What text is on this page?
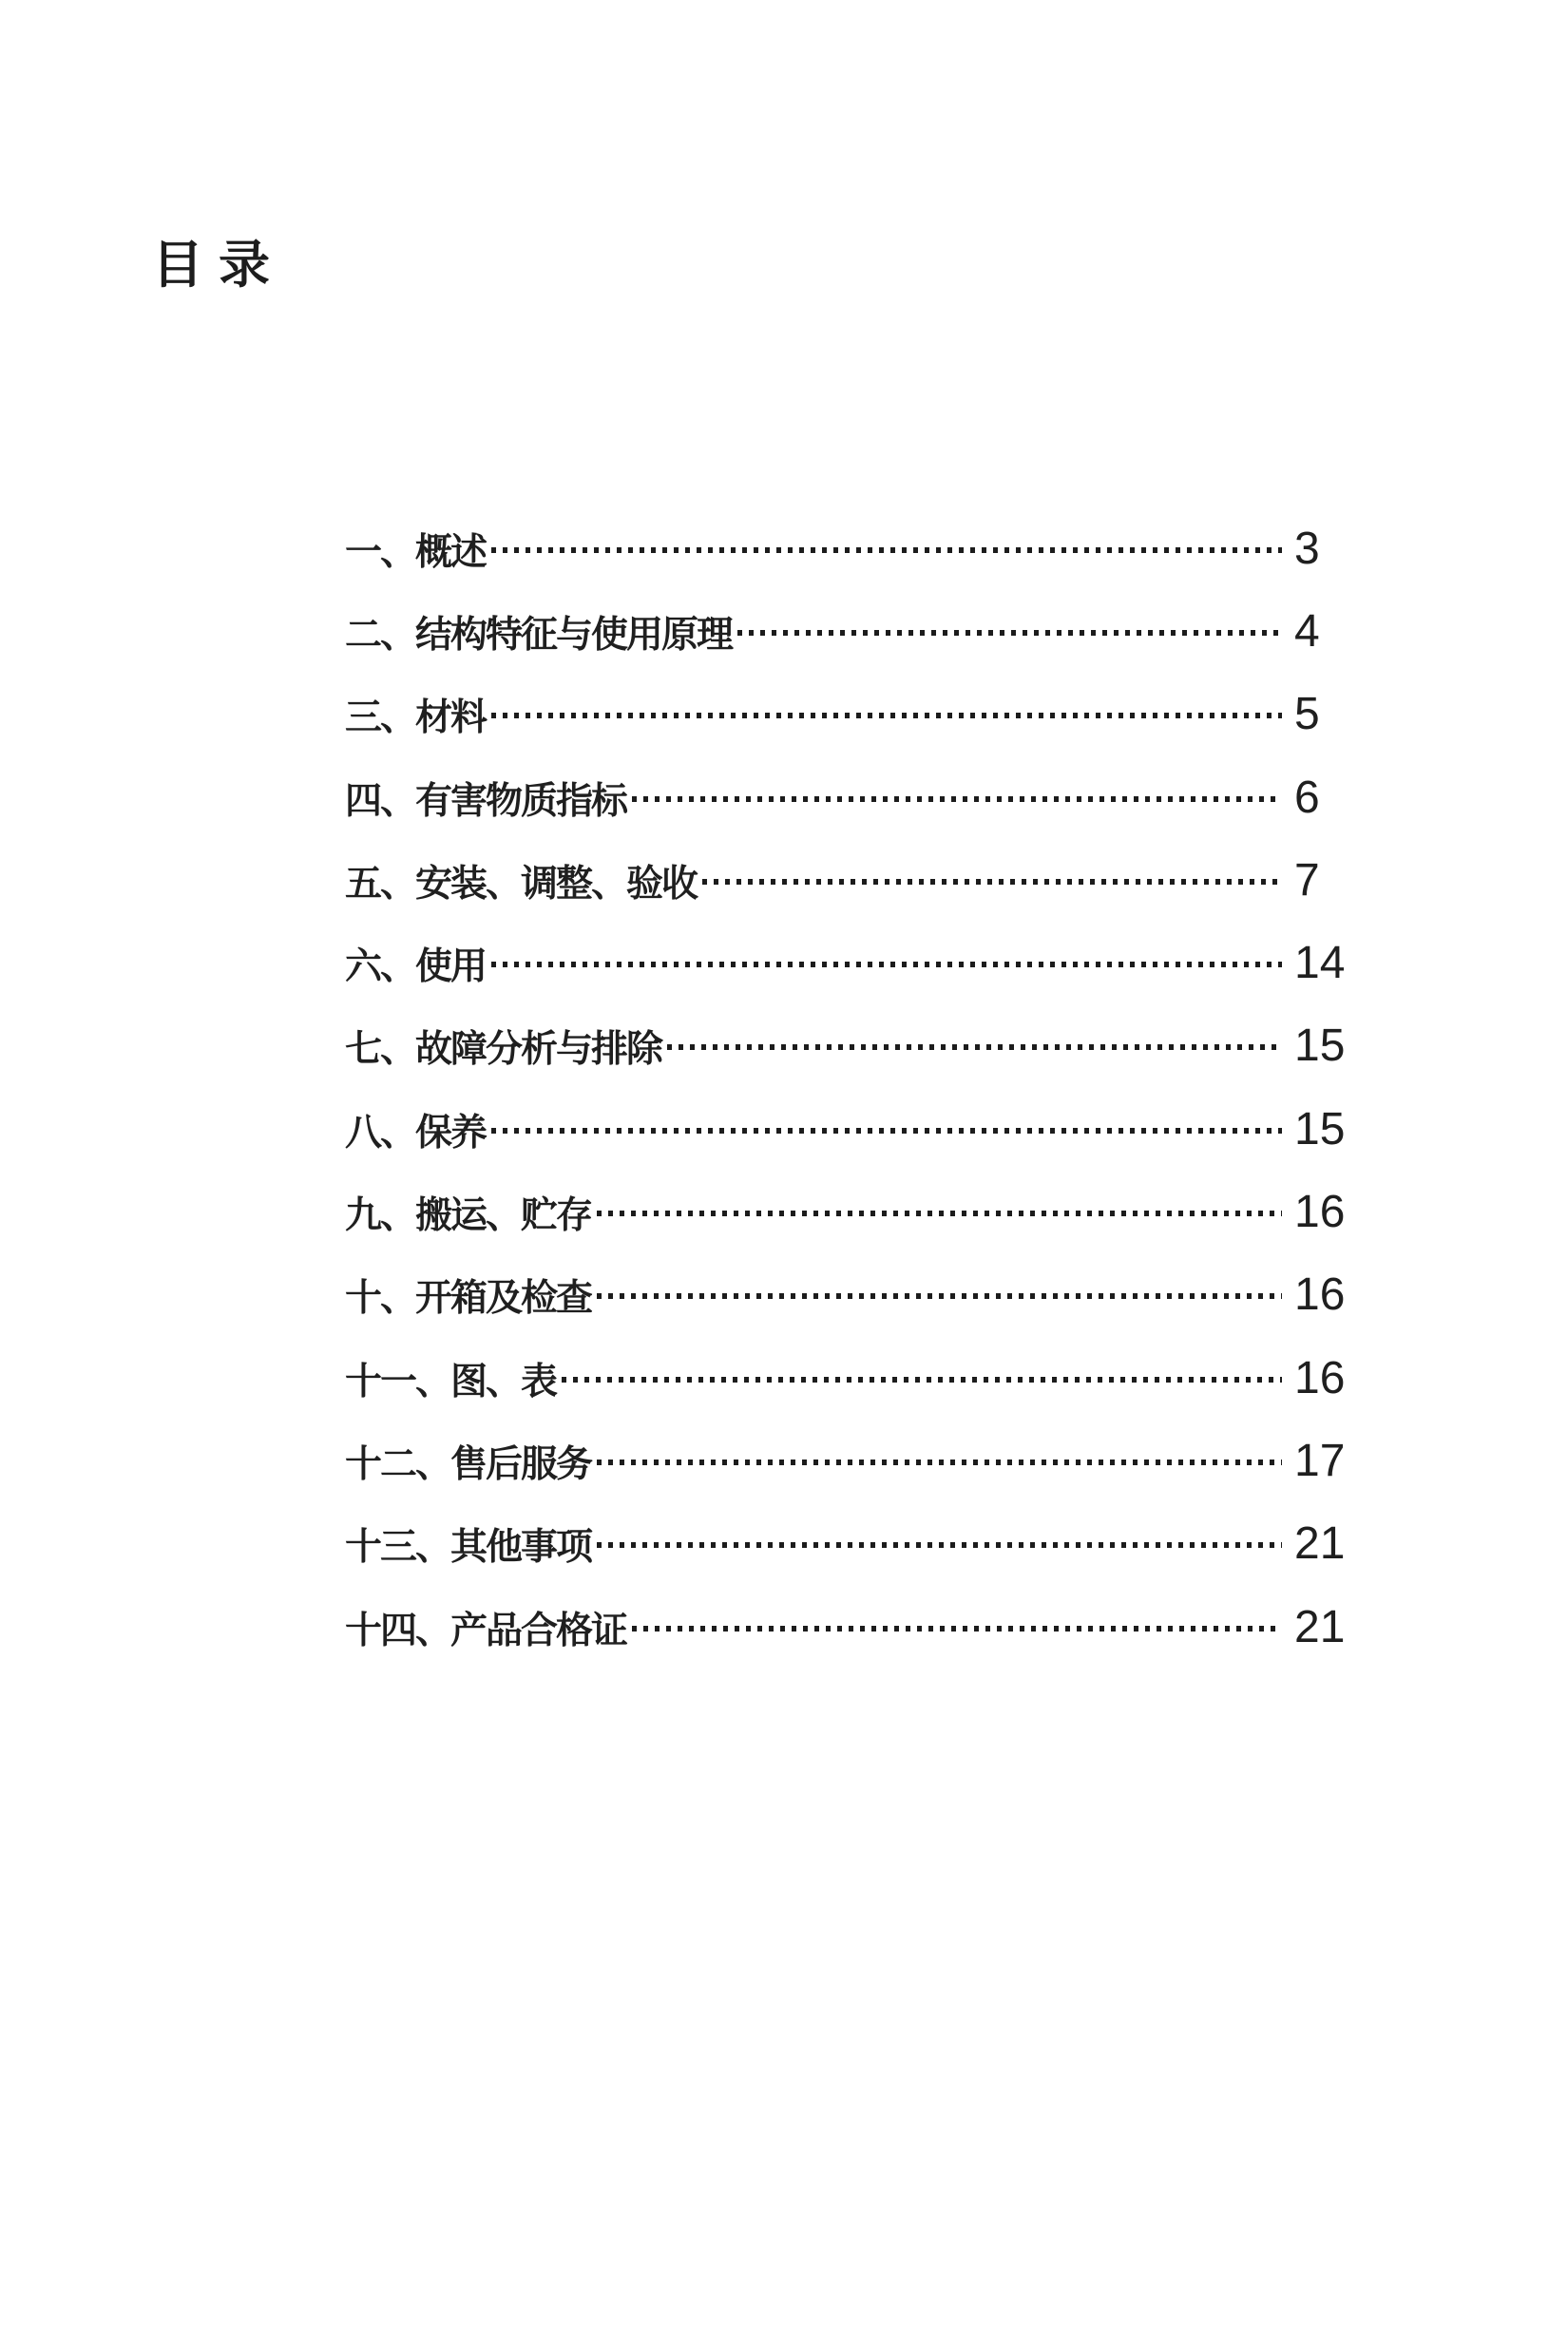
目录
一、概述	3
二、结构特征与使用原理	4
三、材料	5
四、有害物质指标	6
五、安装、调整、验收	7
六、使用	14
七、故障分析与排除	15
八、保养	15
九、搬运、贮存	16
十、开箱及检查	16
十一、图、表	16
十二、售后服务	17
十三、其他事项	21
十四、产品合格证	21
